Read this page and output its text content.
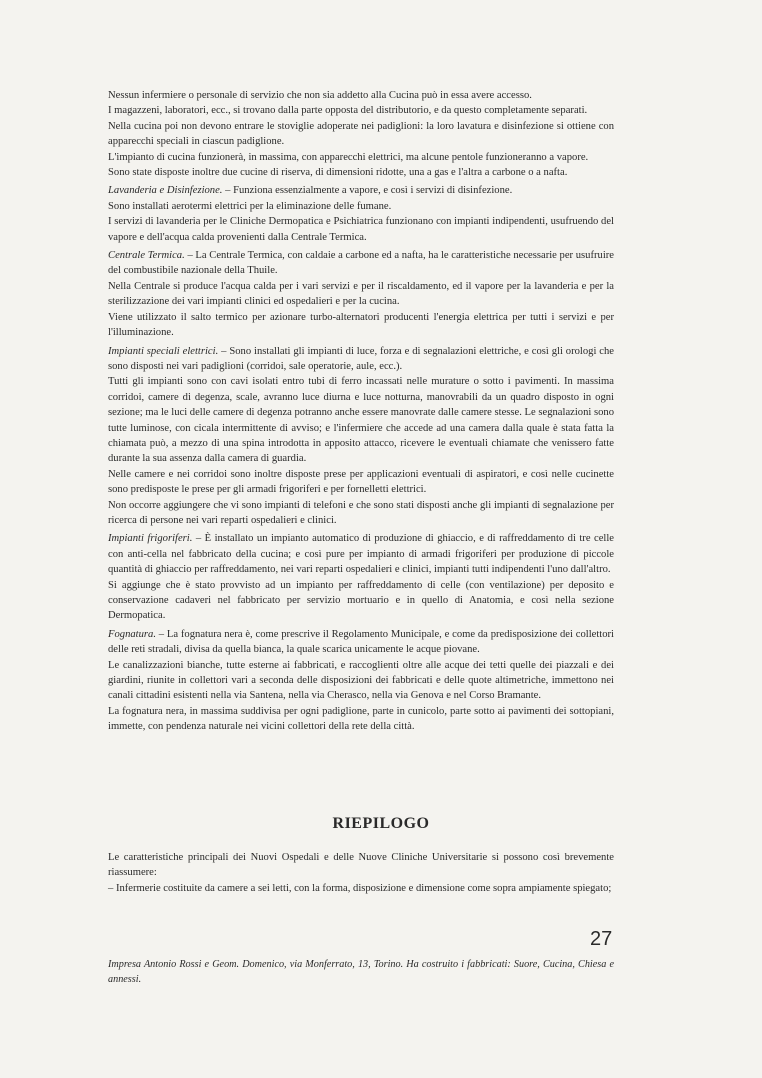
Nessun infermiere o personale di servizio che non sia addetto alla Cucina può in essa avere accesso.

I magazzeni, laboratori, ecc., si trovano dalla parte opposta del distributorio, e da questo completamente separati.

Nella cucina poi non devono entrare le stoviglie adoperate nei padiglioni: la loro lavatura e disinfezione si ottiene con apparecchi speciali in ciascun padiglione.

L'impianto di cucina funzionerà, in massima, con apparecchi elettrici, ma alcune pentole funzioneranno a vapore.

Sono state disposte inoltre due cucine di riserva, di dimensioni ridotte, una a gas e l'altra a carbone o a nafta.

Lavanderia e Disinfezione. – Funziona essenzialmente a vapore, e così i servizi di disinfezione.

Sono installati aerotermi elettrici per la eliminazione delle fumane.

I servizi di lavanderia per le Cliniche Dermopatica e Psichiatrica funzionano con impianti indipendenti, usufruendo del vapore e dell'acqua calda provenienti dalla Centrale Termica.

Centrale Termica. – La Centrale Termica, con caldaie a carbone ed a nafta, ha le caratteristiche necessarie per usufruire del combustibile nazionale della Thuile.

Nella Centrale si produce l'acqua calda per i vari servizi e per il riscaldamento, ed il vapore per la lavanderia e per la sterilizzazione dei vari impianti clinici ed ospedalieri e per la cucina.

Viene utilizzato il salto termico per azionare turbo-alternatori producenti l'energia elettrica per tutti i servizi e per l'illuminazione.

Impianti speciali elettrici. – Sono installati gli impianti di luce, forza e di segnalazioni elettriche, e così gli orologi che sono disposti nei vari padiglioni (corridoi, sale operatorie, aule, ecc.).

Tutti gli impianti sono con cavi isolati entro tubi di ferro incassati nelle murature o sotto i pavimenti. In massima corridoi, camere di degenza, scale, avranno luce diurna e luce notturna, manovrabili da un quadro disposto in ogni sezione; ma le luci delle camere di degenza potranno anche essere manovrate dalle camere stesse. Le segnalazioni sono tutte luminose, con cicala intermittente di avviso; e l'infermiere che accede ad una camera dalla quale è stata fatta la chiamata può, a mezzo di una spina introdotta in apposito attacco, ricevere le eventuali chiamate che venissero fatte durante la sua assenza dalla camera di guardia.

Nelle camere e nei corridoi sono inoltre disposte prese per applicazioni eventuali di aspiratori, e così nelle cucinette sono predisposte le prese per gli armadi frigoriferi e per fornelletti elettrici.

Non occorre aggiungere che vi sono impianti di telefoni e che sono stati disposti anche gli impianti di segnalazione per ricerca di persone nei vari reparti ospedalieri e clinici.

Impianti frigoriferi. – È installato un impianto automatico di produzione di ghiaccio, e di raffreddamento di tre celle con anti-cella nel fabbricato della cucina; e così pure per impianto di armadi frigoriferi per produzione di piccole quantità di ghiaccio per raffreddamento, nei vari reparti ospedalieri e clinici, impianti tutti indipendenti l'uno dall'altro.

Si aggiunge che è stato provvisto ad un impianto per raffreddamento di celle (con ventilazione) per deposito e conservazione cadaveri nel fabbricato per servizio mortuario e in quello di Anatomia, e così nella sezione Dermopatica.

Fognatura. – La fognatura nera è, come prescrive il Regolamento Municipale, e come da predisposizione dei collettori delle reti stradali, divisa da quella bianca, la quale scarica unicamente le acque piovane.

Le canalizzazioni bianche, tutte esterne ai fabbricati, e raccoglienti oltre alle acque dei tetti quelle dei piazzali e dei giardini, riunite in collettori vari a seconda delle disposizioni dei fabbricati e delle quote altimetriche, immettono nei canali cittadini esistenti nella via Santena, nella via Cherasco, nella via Genova e nel Corso Bramante.

La fognatura nera, in massima suddivisa per ogni padiglione, parte in cunicolo, parte sotto ai pavimenti dei sottopiani, immette, con pendenza naturale nei vicini collettori della rete della città.

RIEPILOGO

Le caratteristiche principali dei Nuovi Ospedali e delle Nuove Cliniche Universitarie si possono così brevemente riassumere:

– Infermerie costituite da camere a sei letti, con la forma, disposizione e dimensione come sopra ampiamente spiegato;

27
Impresa Antonio Rossi e Geom. Domenico, via Monferrato, 13, Torino. Ha costruito i fabbricati: Suore, Cucina, Chiesa e annessi.
